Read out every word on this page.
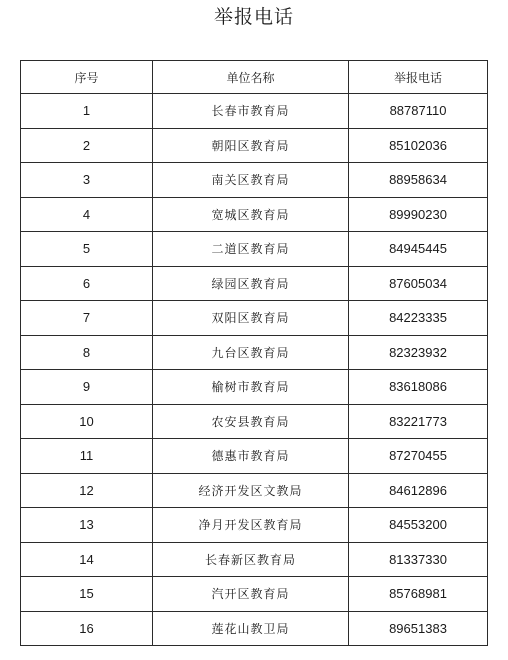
举报电话
序号	单位名称	举报电话
1	长春市教育局	88787110
2	朝阳区教育局	85102036
3	南关区教育局	88958634
4	宽城区教育局	89990230
5	二道区教育局	84945445
6	绿园区教育局	87605034
7	双阳区教育局	84223335
8	九台区教育局	82323932
9	榆树市教育局	83618086
10	农安县教育局	83221773
11	德惠市教育局	87270455
12	经济开发区文教局	84612896
13	净月开发区教育局	84553200
14	长春新区教育局	81337330
15	汽开区教育局	85768981
16	莲花山教卫局	89651383
